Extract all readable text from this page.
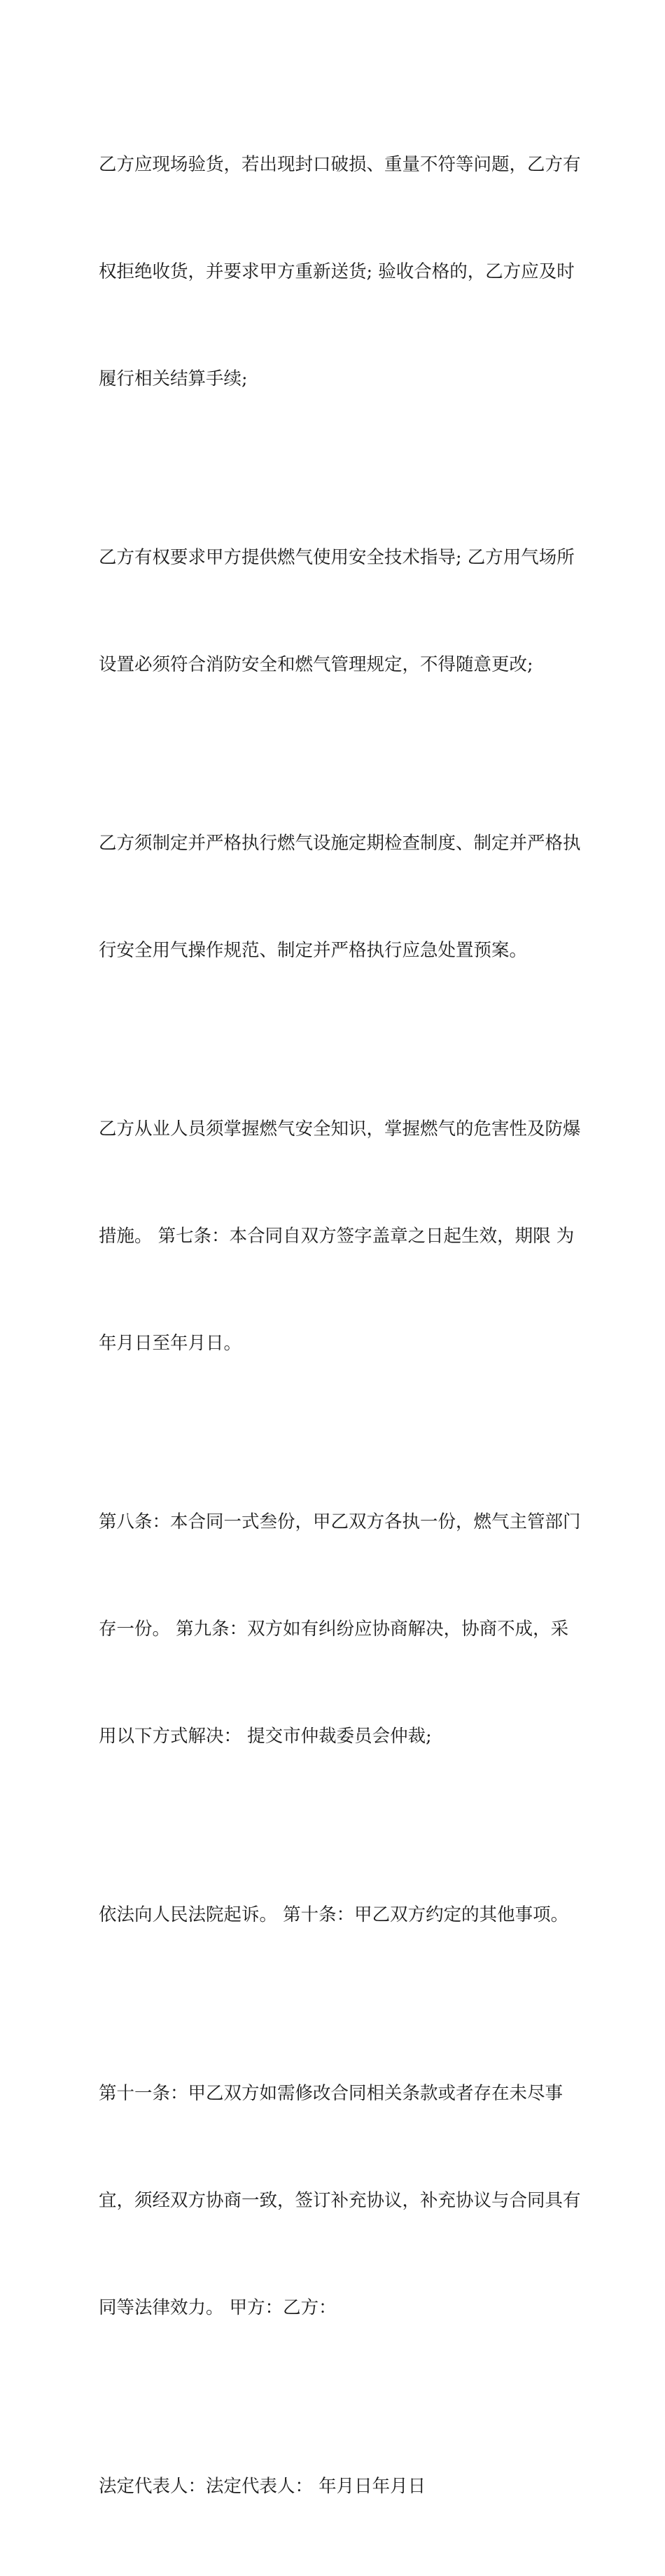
乙方应现场验货，若出现封口破损、重量不符等问题，乙方有

权拒绝收货，并要求甲方重新送货; 验收合格的，乙方应及时

履行相关结算手续;

乙方有权要求甲方提供燃气使用安全技术指导; 乙方用气场所

设置必须符合消防安全和燃气管理规定，不得随意更改;

乙方须制定并严格执行燃气设施定期检查制度、制定并严格执

行安全用气操作规范、制定并严格执行应急处置预案。

乙方从业人员须掌握燃气安全知识，掌握燃气的危害性及防爆

措施。 第七条：本合同自双方签字盖章之日起生效，期限 为

年月日至年月日。

第八条：本合同一式叁份，甲乙双方各执一份，燃气主管部门

存一份。 第九条：双方如有纠纷应协商解决，协商不成，采

用以下方式解决： 提交市仲裁委员会仲裁;

依法向人民法院起诉。 第十条：甲乙双方约定的其他事项。

第十一条：甲乙双方如需修改合同相关条款或者存在未尽事

宜，须经双方协商一致，签订补充协议，补充协议与合同具有

同等法律效力。 甲方：乙方：

法定代表人：法定代表人： 年月日年月日
